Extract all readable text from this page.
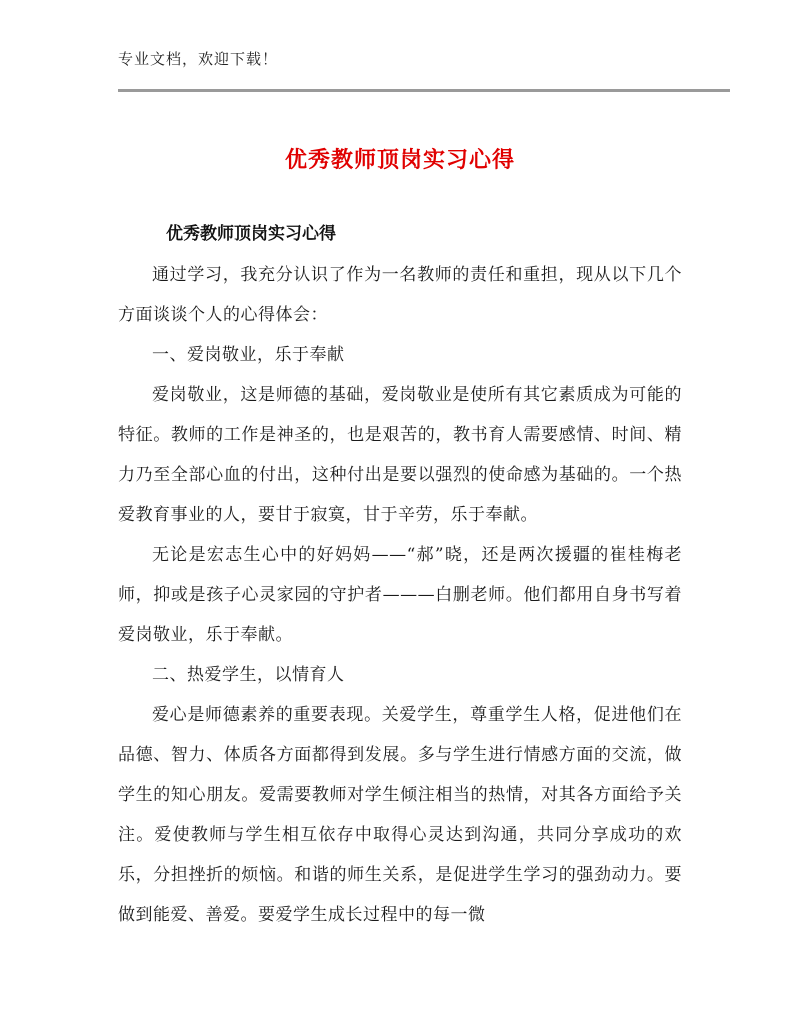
专业文档，欢迎下载！
优秀教师顶岗实习心得

优秀教师顶岗实习心得

通过学习，我充分认识了作为一名教师的责任和重担，现从以下几个方面谈谈个人的心得体会：

一、爱岗敬业，乐于奉献

爱岗敬业，这是师德的基础，爱岗敬业是使所有其它素质成为可能的特征。教师的工作是神圣的，也是艰苦的，教书育人需要感情、时间、精力乃至全部心血的付出，这种付出是要以强烈的使命感为基础的。一个热爱教育事业的人，要甘于寂寞，甘于辛劳，乐于奉献。

无论是宏志生心中的好妈妈——“郝”晓，还是两次援疆的崔桂梅老师，抑或是孩子心灵家园的守护者———白删老师。他们都用自身书写着爱岗敬业，乐于奉献。

二、热爱学生，以情育人

爱心是师德素养的重要表现。关爱学生，尊重学生人格，促进他们在品德、智力、体质各方面都得到发展。多与学生进行情感方面的交流，做学生的知心朋友。爱需要教师对学生倾注相当的热情，对其各方面给予关注。爱使教师与学生相互依存中取得心灵达到沟通，共同分享成功的欢乐，分担挫折的烦恼。和谐的师生关系，是促进学生学习的强劲动力。要做到能爱、善爱。要爱学生成长过程中的每一微
